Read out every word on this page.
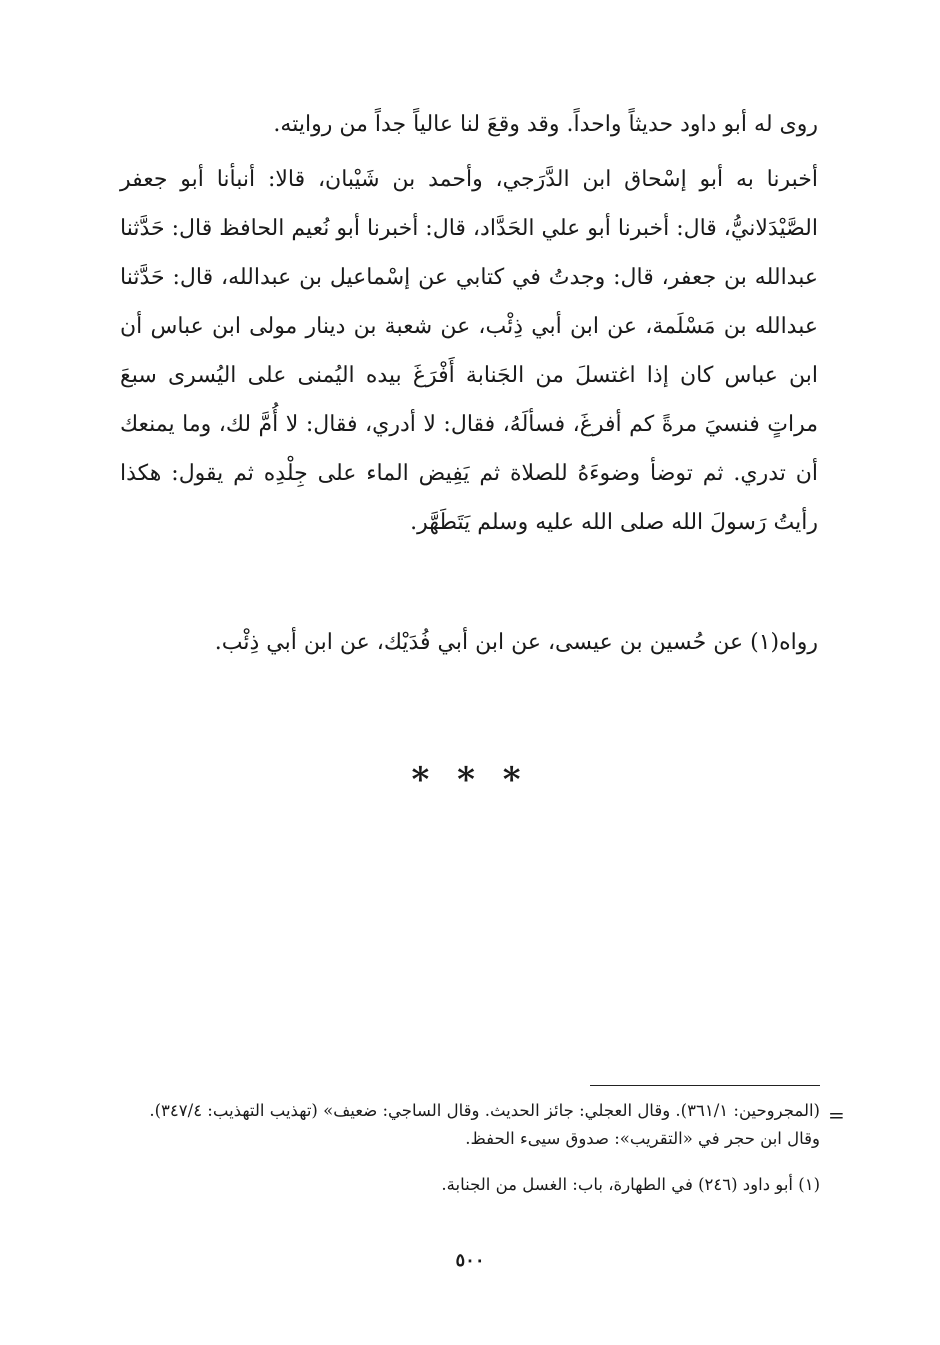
روى له أبو داود حديثاً واحداً. وقد وقعَ لنا عالياً جداً من روايته.

أخبرنا به أبو إسْحاق ابن الدَّرَجي، وأحمد بن شَيْبان، قالا: أنبأنا أبو جعفر الصَّيْدَلانيُّ، قال: أخبرنا أبو علي الحَدَّاد، قال: أخبرنا أبو نُعيم الحافظ قال: حَدَّثنا عبدالله بن جعفر، قال: وجدتُ في كتابي عن إسْماعيل بن عبدالله، قال: حَدَّثنا عبدالله بن مَسْلَمة، عن ابن أبي ذِئْب، عن شعبة بن دينار مولى ابن عباس أن ابن عباس كان إذا اغتسلَ من الجَنابة أَفْرَغَ بيده اليُمنى على اليُسرى سبعَ مراتٍ فنسيَ مرةً كم أفرغَ، فسألَهُ، فقال: لا أدري، فقال: لا أُمَّ لك، وما يمنعك أن تدري. ثم توضأ وضوءَهُ للصلاة ثم يَفِيض الماء على جِلْدِه ثم يقول: هكذا رأيتُ رَسولَ الله صلى الله عليه وسلم يَتَطَهَّر.

رواه(١) عن حُسين بن عيسى، عن ابن أبي فُدَيْك، عن ابن أبي ذِئْب.

* * *
=

(المجروحين: ٣٦١/١). وقال العجلي: جائز الحديث. وقال الساجي: ضعيف» (تهذيب التهذيب: ٣٤٧/٤). وقال ابن حجر في «التقريب»: صدوق سيىء الحفظ.

(١) أبو داود (٢٤٦) في الطهارة، باب: الغسل من الجنابة.

٥٠٠
